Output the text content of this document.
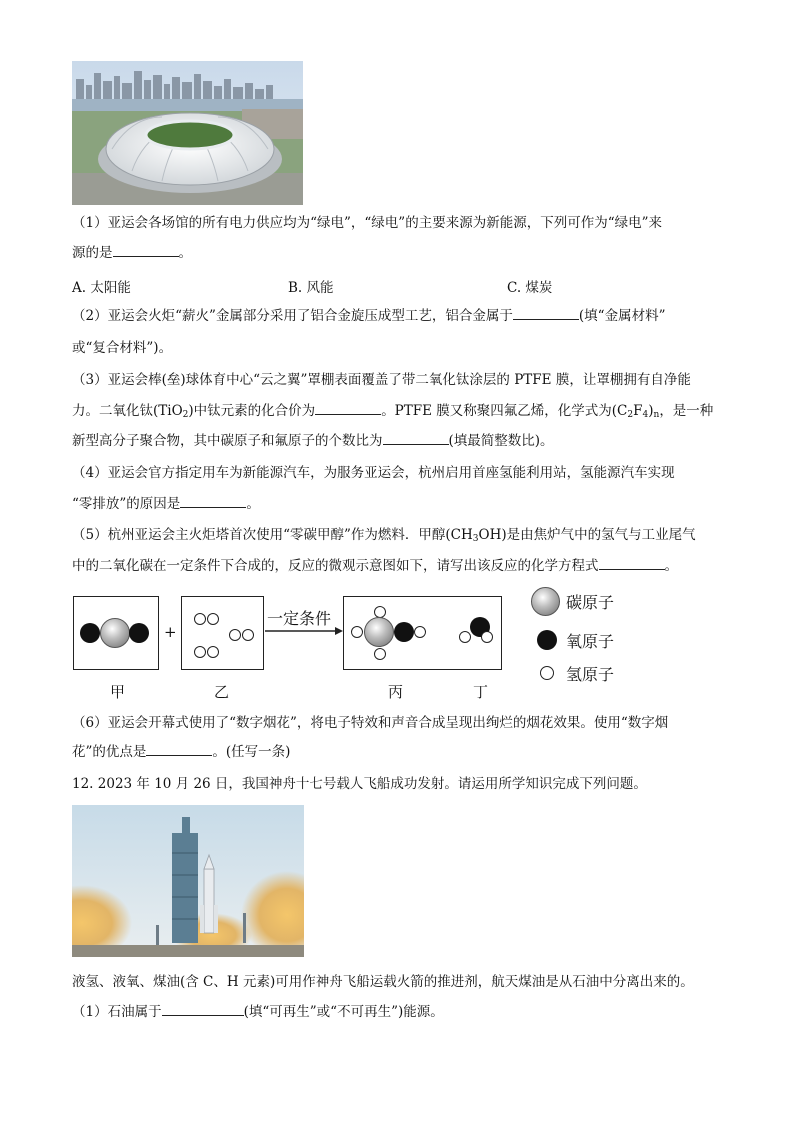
（1）亚运会各场馆的所有电力供应均为“绿电”，“绿电”的主要来源为新能源，下列可作为“绿电”来
源的是	。
A. 太阳能	B. 风能	C. 煤炭
（2）亚运会火炬“薪火”金属部分采用了铝合金旋压成型工艺，铝合金属于	(填“金属材料”
或“复合材料”)。
（3）亚运会棒(垒)球体育中心“云之翼”罩棚表面覆盖了带二氧化钛涂层的 PTFE 膜，让罩棚拥有自净能
力。二氧化钛(TiO$_2$)中钛元素的化合价为	。PTFE 膜又称聚四氟乙烯，化学式为$(C_2F_4)_n$，是一种
新型高分子聚合物，其中碳原子和氟原子的个数比为	(填最简整数比)。
（4）亚运会官方指定用车为新能源汽车，为服务亚运会，杭州启用首座氢能利用站，氢能源汽车实现
“零排放”的原因是	。
（5）杭州亚运会主火炬塔首次使用“零碳甲醇”作为燃料．甲醇$(CH_3OH)$是由焦炉气中的氢气与工业尾气
中的二氧化碳在一定条件下合成的，反应的微观示意图如下，请写出该反应的化学方程式	。
+
一定条件
甲	乙	丙	丁
碳原子
氧原子
氢原子
（6）亚运会开幕式使用了“数字烟花”，将电子特效和声音合成呈现出绚烂的烟花效果。使用“数字烟
花”的优点是	。(任写一条)
12. 2023 年 10 月 26 日，我国神舟十七号载人飞船成功发射。请运用所学知识完成下列问题。
液氢、液氧、煤油(含 C、H 元素)可用作神舟飞船运载火箭的推进剂，航天煤油是从石油中分离出来的。
（1）石油属于	(填“可再生”或“不可再生”)能源。
